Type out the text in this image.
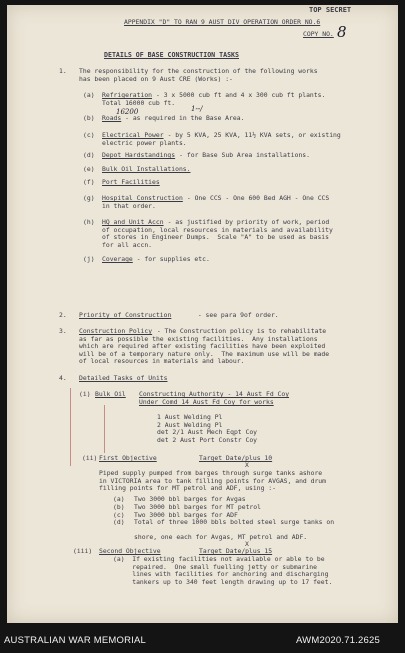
TOP SECRET
APPENDIX "D" TO RAN 9 AUST DIV OPERATION ORDER NO.6
COPY NO. 8
DETAILS OF BASE CONSTRUCTION TASKS
1. The responsibility for the construction of the following works
has been placed on 9 Aust CRE (Works) :-
(a) Refrigeration - 3 x 5000 cub ft and 4 x 300 cub ft plants.
Total 16000 cub ft.
(b) Roads - as required in the Base Area.
(c) Electrical Power - by 5 KVA, 25 KVA, 11½ KVA sets, or existing
electric power plants.
(d) Depot Hardstandings - for Base Sub Area installations.
(e) Bulk Oil Installations.
(f) Port Facilities
(g) Hospital Construction - One CCS - One 600 Bed AGH - One CCS
in that order.
(h) HQ and Unit Accn - as justified by priority of work, period
of occupation, local resources in materials and availability
of stores in Engineer Dumps.  Scale "A" to be used as basis
for all accn.
(j) Coverage - for supplies etc.
16200	1--/
2. Priority of Construction	- see para 9of order.
3. Construction Policy - The Construction policy is to rehabilitate
as far as possible the existing facilities.  Any installations
which are required after existing facilities have been exploited
will be of a temporary nature only.  The maximum use will be made
of local resources in materials and labour.
4. Detailed Tasks of Units
(i) Bulk Oil Constructing Authority - 14 Aust Fd Coy
Under Comd 14 Aust Fd Coy for works
1 Aust Welding Pl
2 Aust Welding Pl
det 2/1 Aust Mech Eqpt Coy
det 2 Aust Port Constr Coy
(ii) First Objective	Target Date/plus 10
X
Piped supply pumped from barges through surge tanks ashore
in VICTORIA area to tank filling points for AVGAS, and drum
filling points for MT petrol and ADF, using :-
(a) Two 3000 bbl barges for Avgas
(b) Two 3000 bbl barges for MT petrol
(c) Two 3000 bbl barges for ADF
(d) Total of three 1000 bbls bolted steel surge tanks on
shore, one each for Avgas, MT petrol and ADF.
(iii) Second Objective	Target Date/plus 15
X
(a)  If existing facilities not available or able to be
repaired.  One small fuelling jetty or submarine
lines with facilities for anchoring and discharging
tankers up to 340 feet length drawing up to 17 feet.
AUSTRALIAN WAR MEMORIAL	AWM2020.71.2625
